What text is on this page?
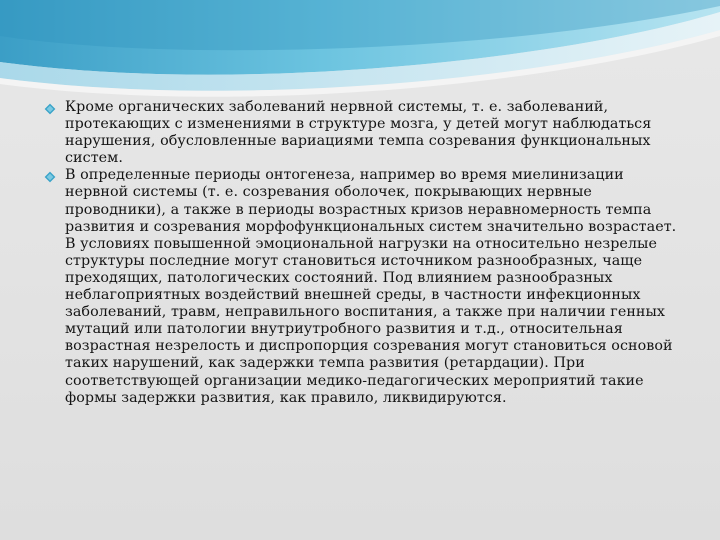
Кроме органических заболеваний нервной системы, т. е. заболеваний, протекающих с изменениями в структуре мозга, у детей могут наблюдаться нарушения, обусловленные вариациями темпа созревания функциональных систем.
В определенные периоды онтогенеза, например во время миелинизации нервной системы (т. е. созревания оболочек, покрывающих нервные проводники), а также в периоды возрастных кризов неравномерность темпа развития и созревания морфофункциональных систем значительно возрастает. В условиях повышенной эмоциональной нагрузки на относительно незрелые структуры последние могут становиться источником разнообразных, чаще преходящих, патологических состояний. Под влиянием разнообразных неблагоприятных воздействий внешней среды, в частности инфекционных заболеваний, травм, неправильного воспитания, а также при наличии генных мутаций или патологии внутриутробного развития и т.д., относительная возрастная незрелость и диспропорция созревания могут становиться основой таких нарушений, как задержки темпа развития (ретардации). При соответствующей организации медико-педагогических мероприятий такие формы задержки развития, как правило, ликвидируются.
